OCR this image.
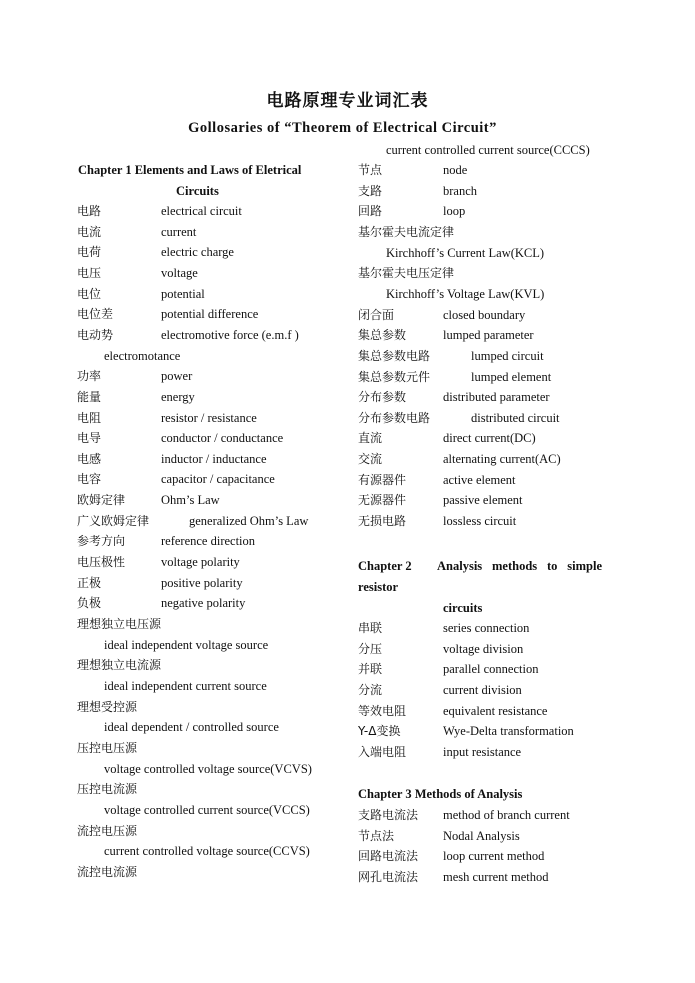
电路原理专业词汇表
Gollosaries of “Theorem of Electrical Circuit”
Chapter 1 Elements and Laws of Eletrical
Circuits
电路	electrical circuit
电流	current
电荷	electric charge
电压	voltage
电位	potential
电位差	potential difference
电动势	electromotive force (e.m.f )
electromotance
功率	power
能量	energy
电阻	resistor / resistance
电导	conductor / conductance
电感	inductor / inductance
电容	capacitor / capacitance
欧姆定律	Ohm’s Law
广义欧姆定律	generalized Ohm’s Law
参考方向	reference direction
电压极性	voltage polarity
正极	positive polarity
负极	negative polarity
理想独立电压源
ideal independent voltage source
理想独立电流源
ideal independent current source
理想受控源
ideal dependent / controlled source
压控电压源
voltage controlled voltage source(VCVS)
压控电流源
voltage controlled current source(VCCS)
流控电压源
current controlled voltage source(CCVS)
流控电流源
current controlled current source(CCCS)
节点	node
支路	branch
回路	loop
基尔霍夫电流定律
Kirchhoff’s Current Law(KCL)
基尔霍夫电压定律
Kirchhoff’s Voltage Law(KVL)
闭合面	closed boundary
集总参数	lumped parameter
集总参数电路	lumped circuit
集总参数元件	lumped element
分布参数	distributed parameter
分布参数电路	distributed circuit
直流	direct current(DC)
交流	alternating current(AC)
有源器件	active element
无源器件	passive element
无损电路	lossless circuit
Chapter 2 Analysis methods to simple
resistor
circuits
串联	series connection
分压	voltage division
并联	parallel connection
分流	current division
等效电阻	equivalent resistance
Y-Δ变换	Wye-Delta transformation
入端电阻	input resistance
Chapter 3 Methods of Analysis
支路电流法 method of branch current
节点法	Nodal Analysis
回路电流法 loop current method
网孔电流法 mesh current method
